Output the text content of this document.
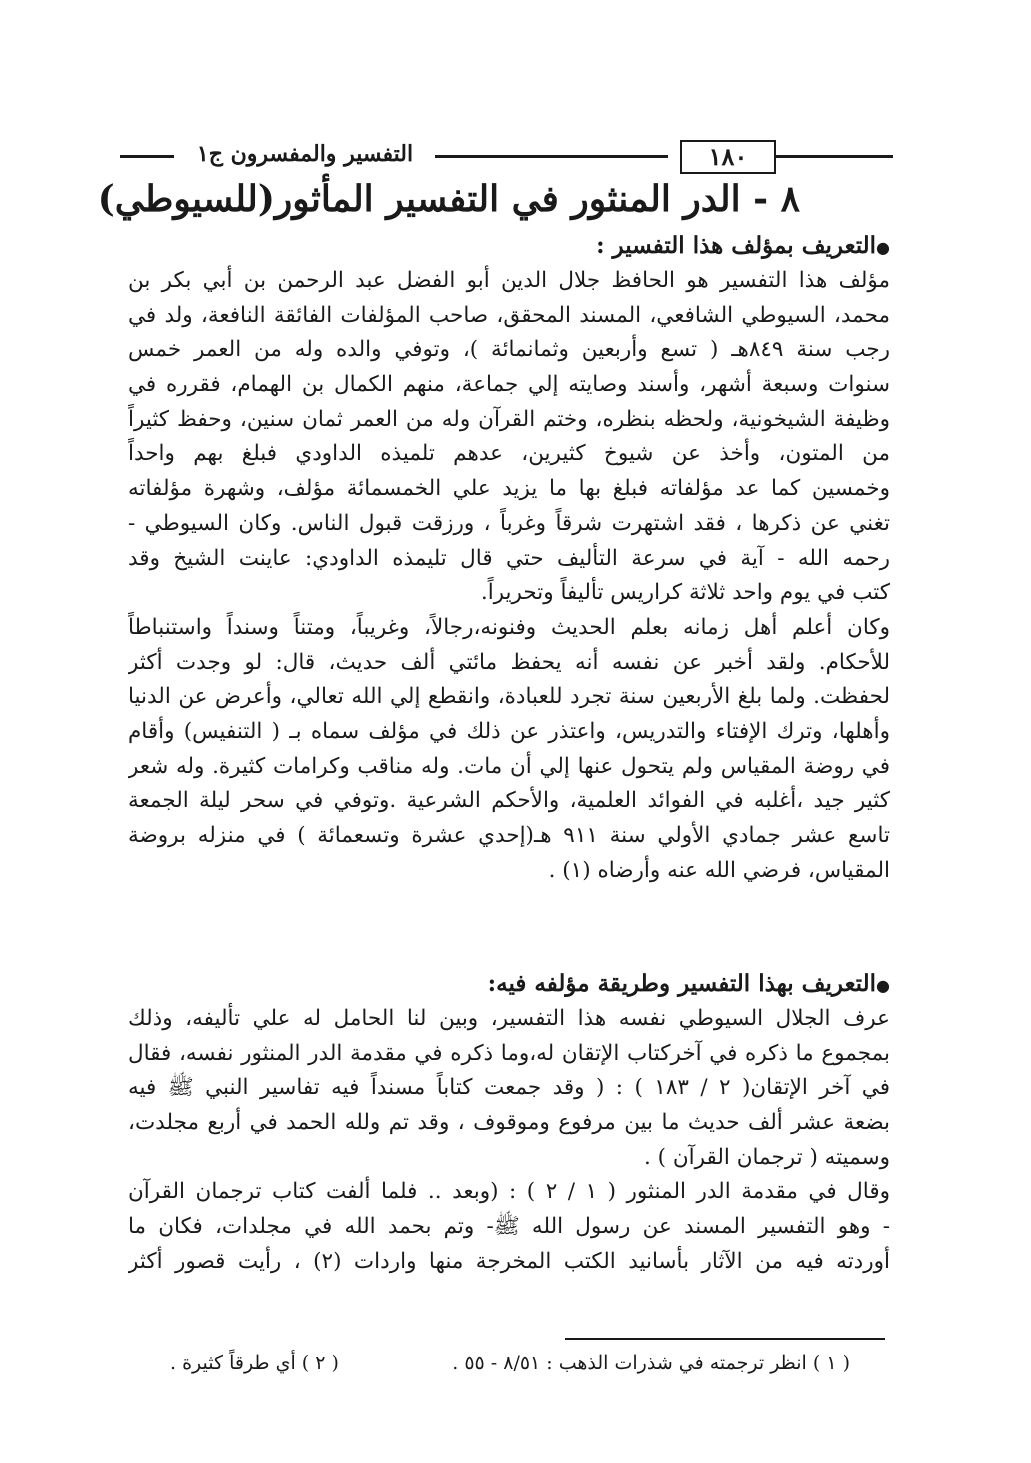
١٨٠
التفسير والمفسرون ج١
٨ - الدر المنثور في التفسير المأثور(للسيوطي)
●التعريف بمؤلف هذا التفسير :
مؤلف هذا التفسير هو الحافظ جلال الدين أبو الفضل عبد الرحمن بن أبي بكر بن
محمد، السيوطي الشافعي، المسند المحقق، صاحب المؤلفات الفائقة النافعة، ولد في
رجب سنة ٨٤٩هـ ( تسع وأربعين وثمانمائة )، وتوفي والده وله من العمر خمس
سنوات وسبعة أشهر، وأسند وصايته إلي جماعة، منهم الكمال بن الهمام، فقرره في
وظيفة الشيخونية، ولحظه بنظره، وختم القرآن وله من العمر ثمان سنين، وحفظ كثيراً
من المتون، وأخذ عن شيوخ كثيرين، عدهم تلميذه الداودي فبلغ بهم واحداً
وخمسين كما عد مؤلفاته فبلغ بها ما يزيد علي الخمسمائة مؤلف، وشهرة مؤلفاته
تغني عن ذكرها ، فقد اشتهرت شرقاً وغرباً ، ورزقت قبول الناس. وكان السيوطي -
رحمه الله - آية في سرعة التأليف حتي قال تليمذه الداودي: عاينت الشيخ وقد
كتب في يوم واحد ثلاثة كراريس تأليفاً وتحريراً.
وكان أعلم أهل زمانه بعلم الحديث وفنونه،رجالاً، وغريباً، ومتناً وسنداً واستنباطاً
للأحكام. ولقد أخبر عن نفسه أنه يحفظ مائتي ألف حديث، قال: لو وجدت أكثر
لحفظت. ولما بلغ الأربعين سنة تجرد للعبادة، وانقطع إلي الله تعالي، وأعرض عن الدنيا
وأهلها، وترك الإفتاء والتدريس، واعتذر عن ذلك في مؤلف سماه بـ ( التنفيس) وأقام
في روضة المقياس ولم يتحول عنها إلي أن مات. وله مناقب وكرامات كثيرة. وله شعر
كثير جيد ،أغلبه في الفوائد العلمية، والأحكم الشرعية .وتوفي في سحر ليلة الجمعة
تاسع عشر جمادي الأولي سنة ٩١١ هـ(إحدي عشرة وتسعمائة ) في منزله بروضة
المقياس، فرضي الله عنه وأرضاه (١) .
●التعريف بهذا التفسير وطريقة مؤلفه فيه:
عرف الجلال السيوطي نفسه هذا التفسير، وبين لنا الحامل له علي تأليفه، وذلك
بمجموع ما ذكره في آخركتاب الإتقان له،وما ذكره في مقدمة الدر المنثور نفسه، فقال
في آخر الإتقان( ٢ / ١٨٣ ) : ( وقد جمعت كتاباً مسنداً فيه تفاسير النبي ﷺ فيه
بضعة عشر ألف حديث ما بين مرفوع وموقوف ، وقد تم ولله الحمد في أربع مجلدت،
وسميته ( ترجمان القرآن ) .
وقال في مقدمة الدر المنثور ( ١ / ٢ ) : (وبعد .. فلما ألفت كتاب ترجمان القرآن
- وهو التفسير المسند عن رسول الله ﷺ- وتم بحمد الله في مجلدات، فكان ما
أوردته فيه من الآثار بأسانيد الكتب المخرجة منها واردات (٢) ، رأيت قصور أكثر
( ١ ) انظر ترجمته في شذرات الذهب : ٨/٥١ - ٥٥ .
( ٢ ) أي طرقاً كثيرة .
